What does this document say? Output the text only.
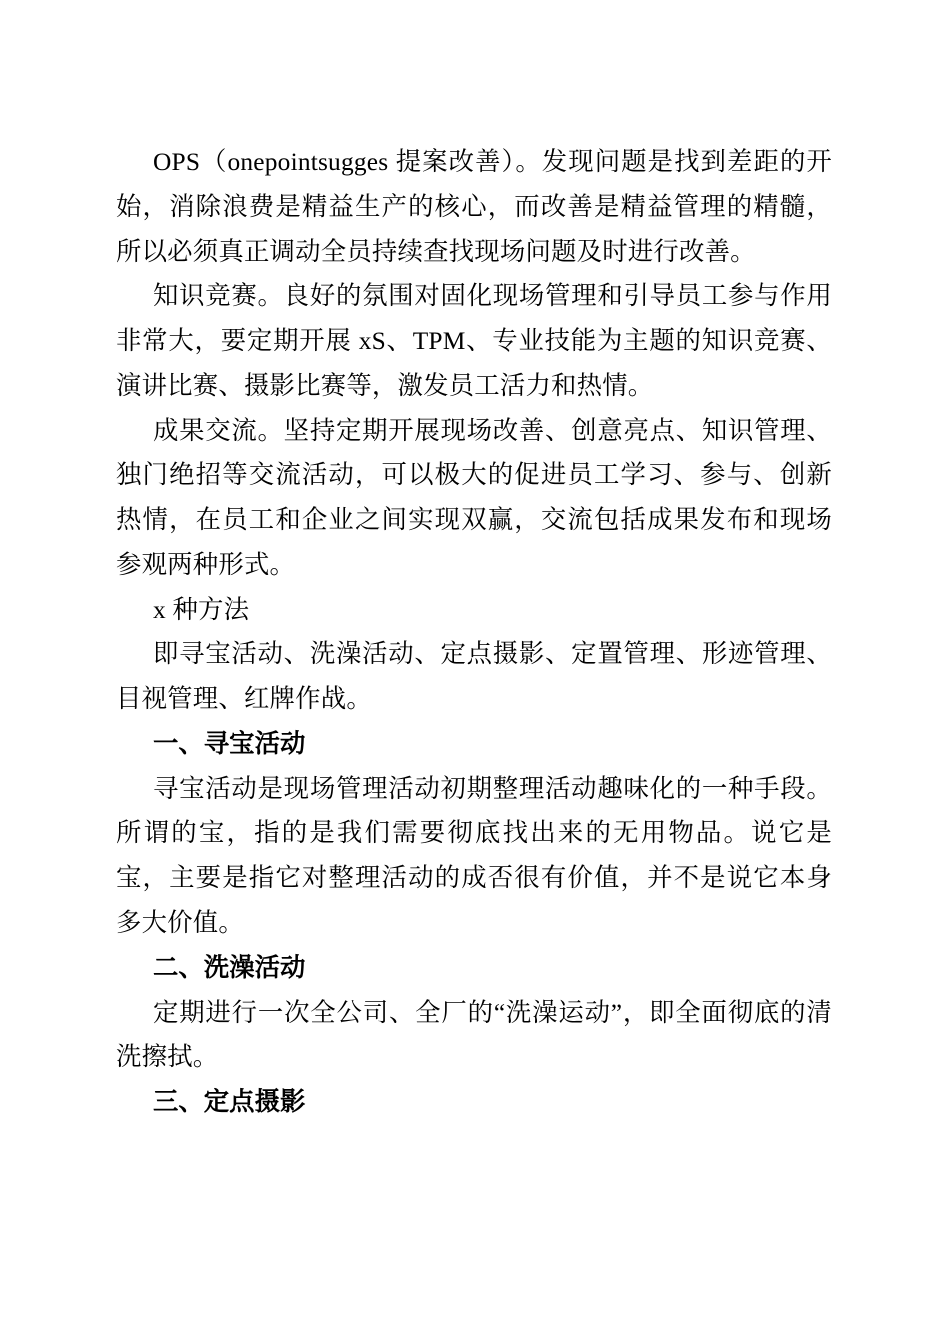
OPS（onepointsugges 提案改善）。发现问题是找到差距的开始，消除浪费是精益生产的核心，而改善是精益管理的精髓，所以必须真正调动全员持续查找现场问题及时进行改善。

知识竞赛。良好的氛围对固化现场管理和引导员工参与作用非常大，要定期开展 xS、TPM、专业技能为主题的知识竞赛、演讲比赛、摄影比赛等，激发员工活力和热情。

成果交流。坚持定期开展现场改善、创意亮点、知识管理、独门绝招等交流活动，可以极大的促进员工学习、参与、创新热情，在员工和企业之间实现双赢，交流包括成果发布和现场参观两种形式。

x 种方法

即寻宝活动、洗澡活动、定点摄影、定置管理、形迹管理、目视管理、红牌作战。

一、寻宝活动

寻宝活动是现场管理活动初期整理活动趣味化的一种手段。所谓的宝，指的是我们需要彻底找出来的无用物品。说它是宝，主要是指它对整理活动的成否很有价值，并不是说它本身多大价值。

二、洗澡活动

定期进行一次全公司、全厂的“洗澡运动”，即全面彻底的清洗擦拭。

三、定点摄影
